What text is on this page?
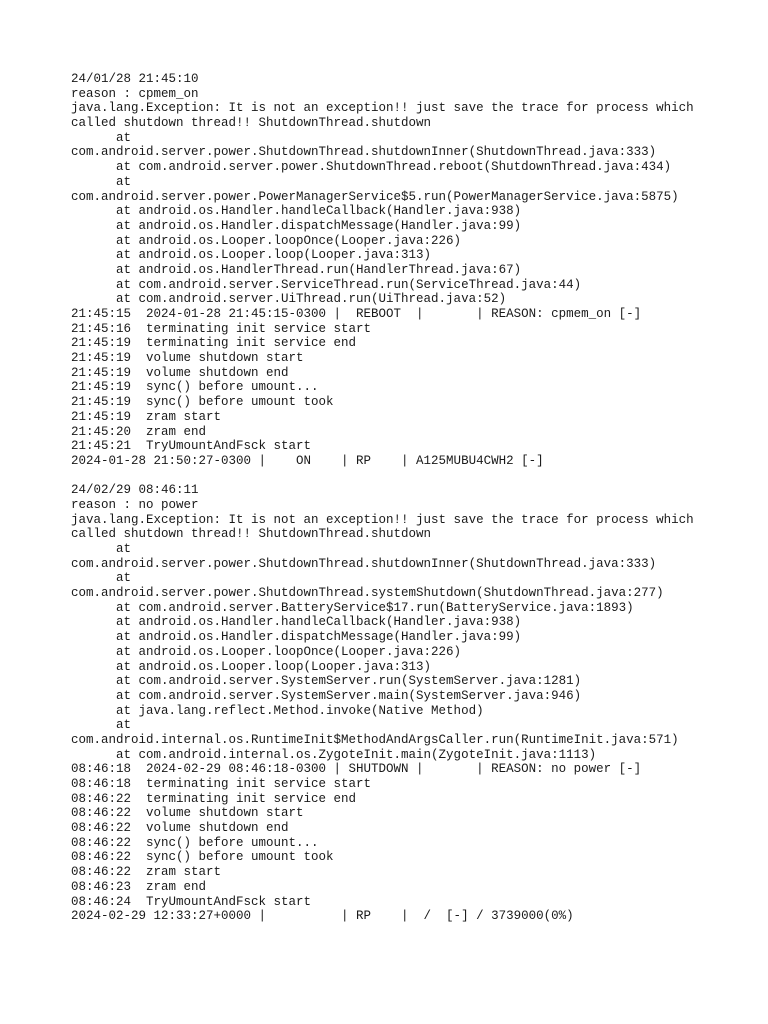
24/01/28 21:45:10
reason : cpmem_on
java.lang.Exception: It is not an exception!! just save the trace for process which
called shutdown thread!! ShutdownThread.shutdown
at
com.android.server.power.ShutdownThread.shutdownInner(ShutdownThread.java:333)
at com.android.server.power.ShutdownThread.reboot(ShutdownThread.java:434)
at
com.android.server.power.PowerManagerService$5.run(PowerManagerService.java:5875)
at android.os.Handler.handleCallback(Handler.java:938)
at android.os.Handler.dispatchMessage(Handler.java:99)
at android.os.Looper.loopOnce(Looper.java:226)
at android.os.Looper.loop(Looper.java:313)
at android.os.HandlerThread.run(HandlerThread.java:67)
at com.android.server.ServiceThread.run(ServiceThread.java:44)
at com.android.server.UiThread.run(UiThread.java:52)
21:45:15  2024-01-28 21:45:15-0300 |  REBOOT  |       | REASON: cpmem_on [-]
21:45:16  terminating init service start
21:45:19  terminating init service end
21:45:19  volume shutdown start
21:45:19  volume shutdown end
21:45:19  sync() before umount...
21:45:19  sync() before umount took
21:45:19  zram start
21:45:20  zram end
21:45:21  TryUmountAndFsck start
2024-01-28 21:50:27-0300 |    ON    | RP    | A125MUBU4CWH2 [-]
24/02/29 08:46:11
reason : no power
java.lang.Exception: It is not an exception!! just save the trace for process which
called shutdown thread!! ShutdownThread.shutdown
at
com.android.server.power.ShutdownThread.shutdownInner(ShutdownThread.java:333)
at
com.android.server.power.ShutdownThread.systemShutdown(ShutdownThread.java:277)
at com.android.server.BatteryService$17.run(BatteryService.java:1893)
at android.os.Handler.handleCallback(Handler.java:938)
at android.os.Handler.dispatchMessage(Handler.java:99)
at android.os.Looper.loopOnce(Looper.java:226)
at android.os.Looper.loop(Looper.java:313)
at com.android.server.SystemServer.run(SystemServer.java:1281)
at com.android.server.SystemServer.main(SystemServer.java:946)
at java.lang.reflect.Method.invoke(Native Method)
at
com.android.internal.os.RuntimeInit$MethodAndArgsCaller.run(RuntimeInit.java:571)
at com.android.internal.os.ZygoteInit.main(ZygoteInit.java:1113)
08:46:18  2024-02-29 08:46:18-0300 | SHUTDOWN |       | REASON: no power [-]
08:46:18  terminating init service start
08:46:22  terminating init service end
08:46:22  volume shutdown start
08:46:22  volume shutdown end
08:46:22  sync() before umount...
08:46:22  sync() before umount took
08:46:22  zram start
08:46:23  zram end
08:46:24  TryUmountAndFsck start
2024-02-29 12:33:27+0000 |          | RP    |  /  [-] / 3739000(0%)
